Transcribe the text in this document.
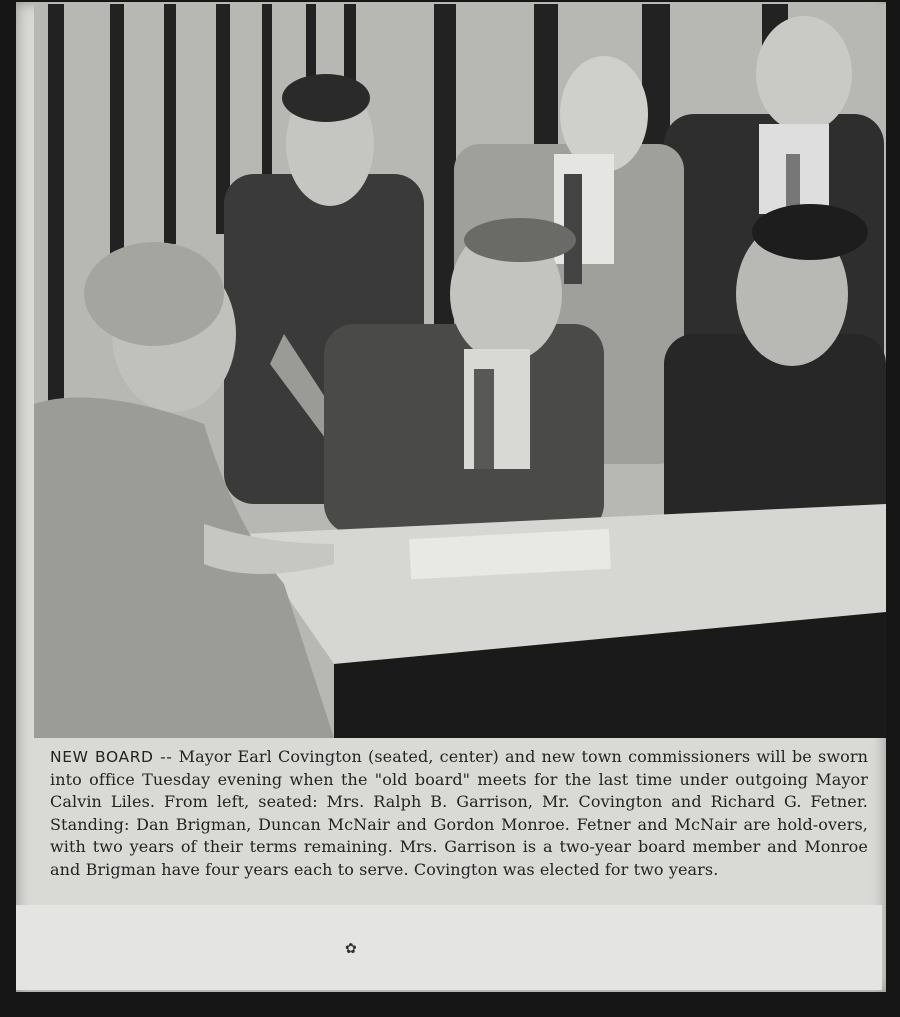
NEW BOARD -- Mayor Earl Covington (seated, center) and new town commissioners will be sworn into office Tuesday evening when the "old board" meets for the last time under outgoing Mayor Calvin Liles. From left, seated: Mrs. Ralph B. Garrison, Mr. Covington and Richard G. Fetner. Standing: Dan Brigman, Duncan McNair and Gordon Monroe. Fetner and McNair are hold-overs, with two years of their terms remaining. Mrs. Garrison is a two-year board member and Monroe and Brigman have four years each to serve. Covington was elected for two years.

✿
